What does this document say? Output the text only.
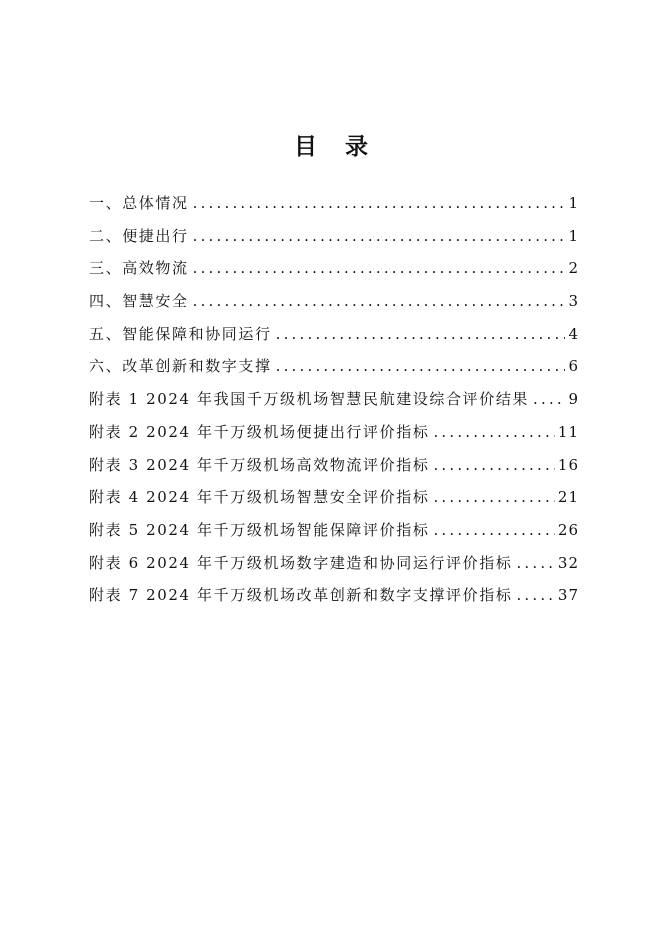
目 录
一、总体情况 .....	1
二、便捷出行 .....	1
三、高效物流 .....	2
四、智慧安全 .....	3
五、智能保障和协同运行 .....	4
六、改革创新和数字支撑 .....	6
附表 1 2024 年我国千万级机场智慧民航建设综合评价结果 .....	9
附表 2 2024 年千万级机场便捷出行评价指标 .....	11
附表 3 2024 年千万级机场高效物流评价指标 .....	16
附表 4 2024 年千万级机场智慧安全评价指标 .....	21
附表 5 2024 年千万级机场智能保障评价指标 .....	26
附表 6 2024 年千万级机场数字建造和协同运行评价指标 .....	32
附表 7 2024 年千万级机场改革创新和数字支撑评价指标 .....	37
